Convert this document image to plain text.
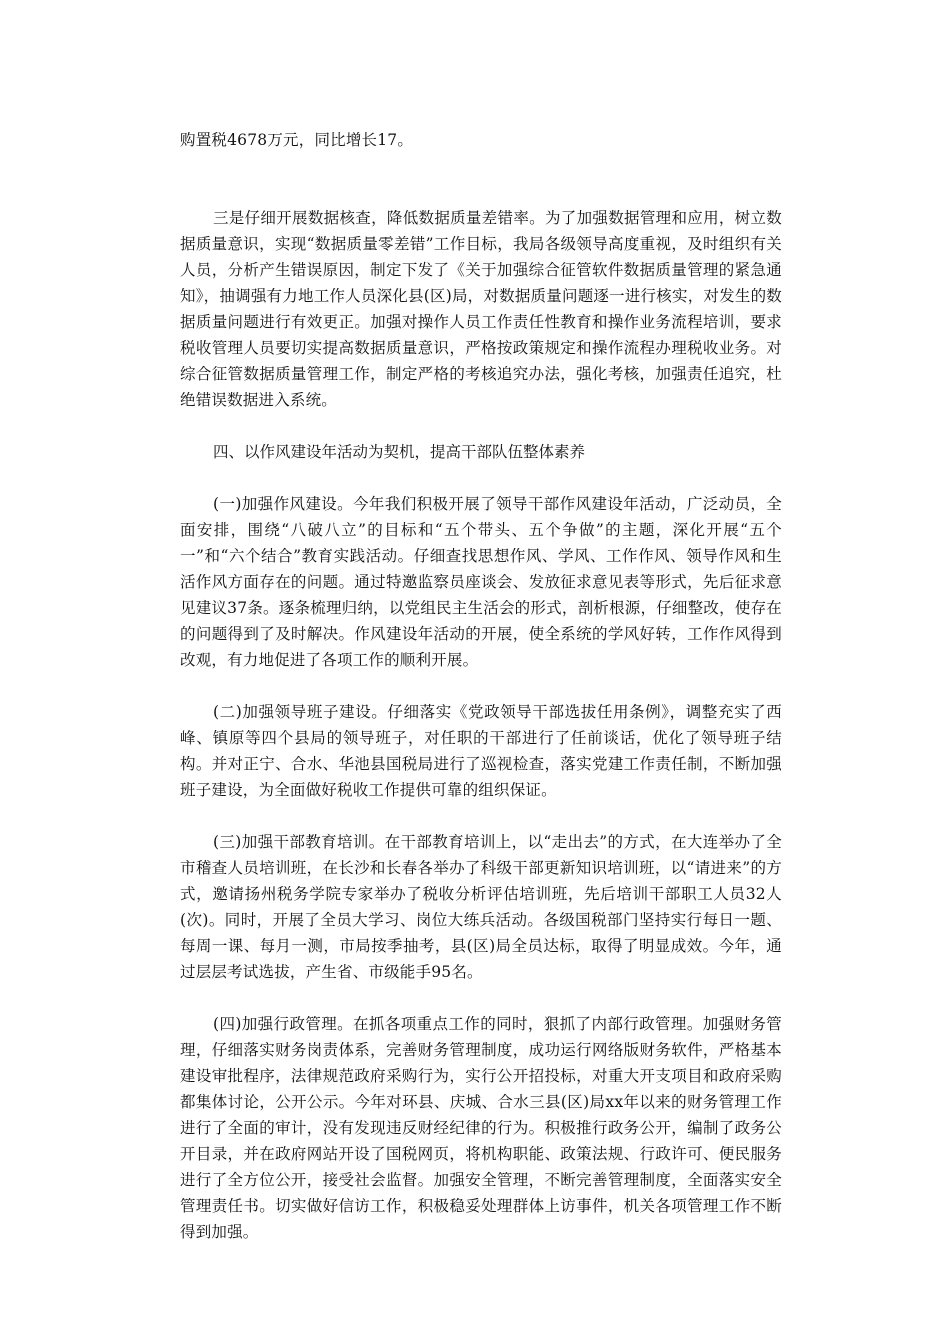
购置税4678万元，同比增长17。

三是仔细开展数据核查，降低数据质量差错率。为了加强数据管理和应用，树立数据质量意识，实现“数据质量零差错”工作目标，我局各级领导高度重视，及时组织有关人员，分析产生错误原因，制定下发了《关于加强综合征管软件数据质量管理的紧急通知》，抽调强有力地工作人员深化县(区)局，对数据质量问题逐一进行核实，对发生的数据质量问题进行有效更正。加强对操作人员工作责任性教育和操作业务流程培训，要求税收管理人员要切实提高数据质量意识，严格按政策规定和操作流程办理税收业务。对综合征管数据质量管理工作，制定严格的考核追究办法，强化考核，加强责任追究，杜绝错误数据进入系统。

四、以作风建设年活动为契机，提高干部队伍整体素养

(一)加强作风建设。今年我们积极开展了领导干部作风建设年活动，广泛动员，全面安排，围绕“八破八立”的目标和“五个带头、五个争做”的主题，深化开展“五个一”和“六个结合”教育实践活动。仔细查找思想作风、学风、工作作风、领导作风和生活作风方面存在的问题。通过特邀监察员座谈会、发放征求意见表等形式，先后征求意见建议37条。逐条梳理归纳，以党组民主生活会的形式，剖析根源，仔细整改，使存在的问题得到了及时解决。作风建设年活动的开展，使全系统的学风好转，工作作风得到改观，有力地促进了各项工作的顺利开展。

(二)加强领导班子建设。仔细落实《党政领导干部选拔任用条例》，调整充实了西峰、镇原等四个县局的领导班子，对任职的干部进行了任前谈话，优化了领导班子结构。并对正宁、合水、华池县国税局进行了巡视检查，落实党建工作责任制，不断加强班子建设，为全面做好税收工作提供可靠的组织保证。

(三)加强干部教育培训。在干部教育培训上，以“走出去”的方式，在大连举办了全市稽查人员培训班，在长沙和长春各举办了科级干部更新知识培训班，以“请进来”的方式，邀请扬州税务学院专家举办了税收分析评估培训班，先后培训干部职工人员32人(次)。同时，开展了全员大学习、岗位大练兵活动。各级国税部门坚持实行每日一题、每周一课、每月一测，市局按季抽考，县(区)局全员达标，取得了明显成效。今年，通过层层考试选拔，产生省、市级能手95名。

(四)加强行政管理。在抓各项重点工作的同时，狠抓了内部行政管理。加强财务管理，仔细落实财务岗责体系，完善财务管理制度，成功运行网络版财务软件，严格基本建设审批程序，法律规范政府采购行为，实行公开招投标，对重大开支项目和政府采购都集体讨论，公开公示。今年对环县、庆城、合水三县(区)局xx年以来的财务管理工作进行了全面的审计，没有发现违反财经纪律的行为。积极推行政务公开，编制了政务公开目录，并在政府网站开设了国税网页，将机构职能、政策法规、行政许可、便民服务进行了全方位公开，接受社会监督。加强安全管理，不断完善管理制度，全面落实安全管理责任书。切实做好信访工作，积极稳妥处理群体上访事件，机关各项管理工作不断得到加强。
